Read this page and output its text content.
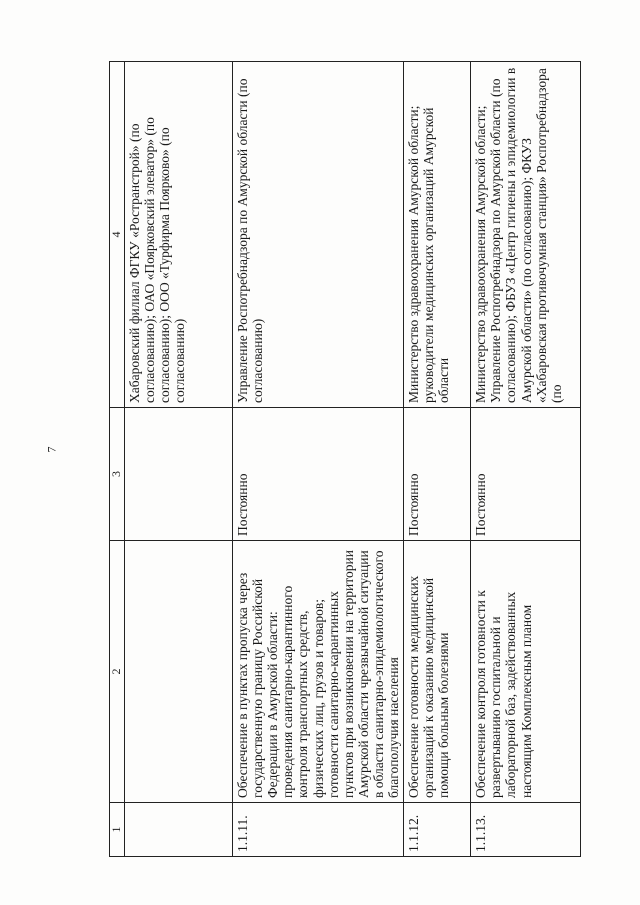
7
1	2	3	4
			Хабаровский филиал ФГКУ «Ространстрой» (по согласованию); ОАО «Поярковский элеватор» (по согласованию); ООО «Турфирма Поярково» (по согласованию)
1.1.11.	Обеспечение в пунктах пропуска через государственную границу Российской Федерации в Амурской области: проведения санитарно-карантинного контроля транспортных средств, физических лиц, грузов и товаров; готовности санитарно-карантинных пунктов при возникновении на территории Амурской области чрезвычайной ситуации в области санитарно-эпидемиологического благополучия населения	Постоянно	Управление Роспотребнадзора по Амурской области (по согласованию)
1.1.12.	Обеспечение готовности медицинских организаций к оказанию медицинской помощи больным болезнями	Постоянно	Министерство здравоохранения Амурской области; руководители медицинских организаций Амурской области
1.1.13.	Обеспечение контроля готовности к развертыванию госпитальной и лабораторной баз, задействованных настоящим Комплексным планом	Постоянно	Министерство здравоохранения Амурской области; Управление Роспотребнадзора по Амурской области (по согласованию); ФБУЗ «Центр гигиены и эпидемиологии в Амурской области» (по согласованию); ФКУЗ «Хабаровская противочумная станция» Роспотребнадзора (по
